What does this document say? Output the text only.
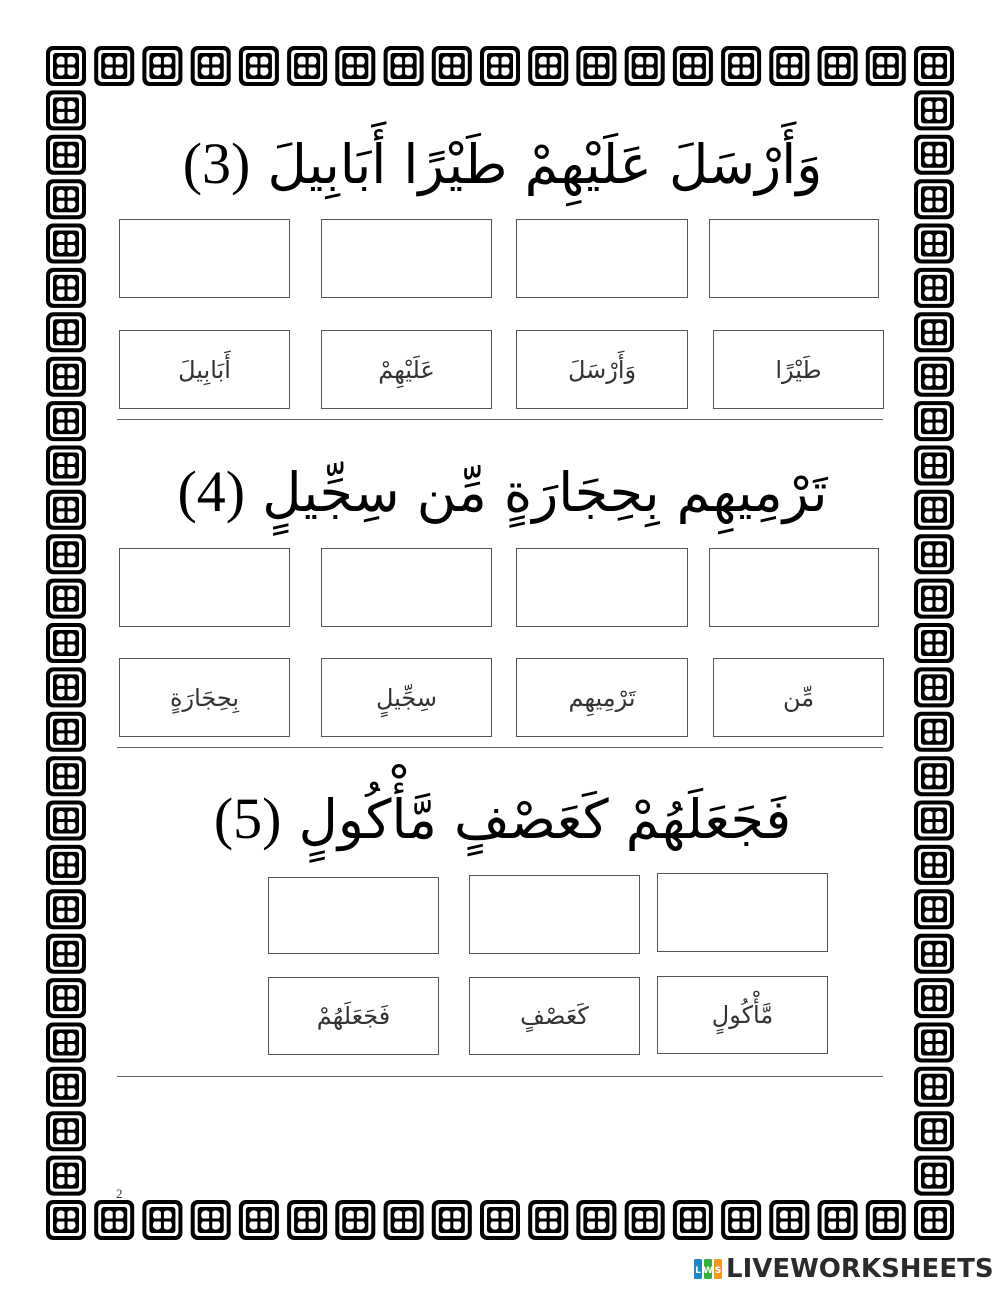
وَأَرْسَلَ عَلَيْهِمْ طَيْرًا أَبَابِيلَ (3)
أَبَابِيلَ	عَلَيْهِمْ	وَأَرْسَلَ	طَيْرًا
تَرْمِيهِم بِحِجَارَةٍ مِّن سِجِّيلٍ (4)
بِحِجَارَةٍ	سِجِّيلٍ	تَرْمِيهِم	مِّن
فَجَعَلَهُمْ كَعَصْفٍ مَّأْكُولٍ (5)
فَجَعَلَهُمْ	كَعَصْفٍ	مَّأْكُولٍ
2
L W S LIVEWORKSHEETS
